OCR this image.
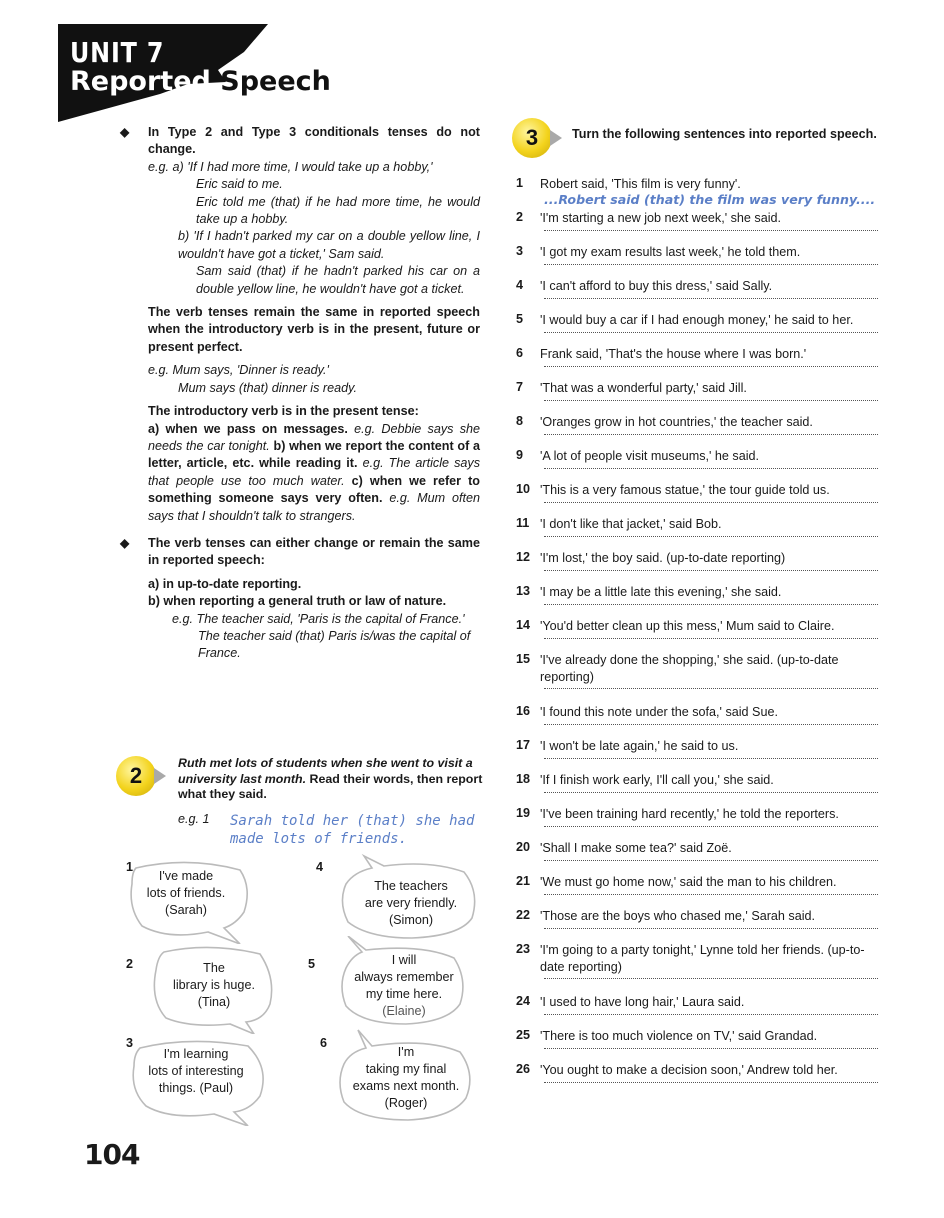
UNIT 7
Reported Speech
◆ In Type 2 and Type 3 conditionals tenses do not change.
e.g. a) 'If I had more time, I would take up a hobby,'
Eric said to me.
Eric told me (that) if he had more time, he would take up a hobby.
b) 'If I hadn't parked my car on a double yellow line, I wouldn't have got a ticket,' Sam said.
Sam said (that) if he hadn't parked his car on a double yellow line, he wouldn't have got a ticket.
The verb tenses remain the same in reported speech when the introductory verb is in the present, future or present perfect.
e.g. Mum says, 'Dinner is ready.'
Mum says (that) dinner is ready.
The introductory verb is in the present tense:
a) when we pass on messages. e.g. Debbie says she needs the car tonight. b) when we report the content of a letter, article, etc. while reading it. e.g. The article says that people use too much water. c) when we refer to something someone says very often. e.g. Mum often says that I shouldn't talk to strangers.
◆ The verb tenses can either change or remain the same in reported speech:
a) in up-to-date reporting.
b) when reporting a general truth or law of nature.
e.g. The teacher said, 'Paris is the capital of France.'
The teacher said (that) Paris is/was the capital of France.
2	Ruth met lots of students when she went to visit a university last month. Read their words, then report what they said.
e.g. 1 Sarah told her (that) she had made lots of friends.
1
I've made
lots of friends.
(Sarah)
2	The
library is huge.
(Tina)
3
I'm learning
lots of interesting
things. (Paul)
4
The teachers
are very friendly.
(Simon)
5	I will
always remember
my time here.
(Elaine)
6
I'm
taking my final
exams next month.
(Roger)
3	Turn the following sentences into reported speech.
1	Robert said, 'This film is very funny'.
...Robert said (that) the film was very funny....
2	'I'm starting a new job next week,' she said.
3	'I got my exam results last week,' he told them.
4	'I can't afford to buy this dress,' said Sally.
5	'I would buy a car if I had enough money,' he said to her.
6	Frank said, 'That's the house where I was born.'
7	'That was a wonderful party,' said Jill.
8	'Oranges grow in hot countries,' the teacher said.
9	'A lot of people visit museums,' he said.
10 'This is a very famous statue,' the tour guide told us.
11 'I don't like that jacket,' said Bob.
12 'I'm lost,' the boy said. (up-to-date reporting)
13 'I may be a little late this evening,' she said.
14 'You'd better clean up this mess,' Mum said to Claire.
15 'I've already done the shopping,' she said. (up-to-date reporting)
16 'I found this note under the sofa,' said Sue.
17 'I won't be late again,' he said to us.
18 'If I finish work early, I'll call you,' she said.
19 'I've been training hard recently,' he told the reporters.
20 'Shall I make some tea?' said Zoë.
21 'We must go home now,' said the man to his children.
22 'Those are the boys who chased me,' Sarah said.
23 'I'm going to a party tonight,' Lynne told her friends. (up-to-date reporting)
24 'I used to have long hair,' Laura said.
25 'There is too much violence on TV,' said Grandad.
26 'You ought to make a decision soon,' Andrew told her.
104
